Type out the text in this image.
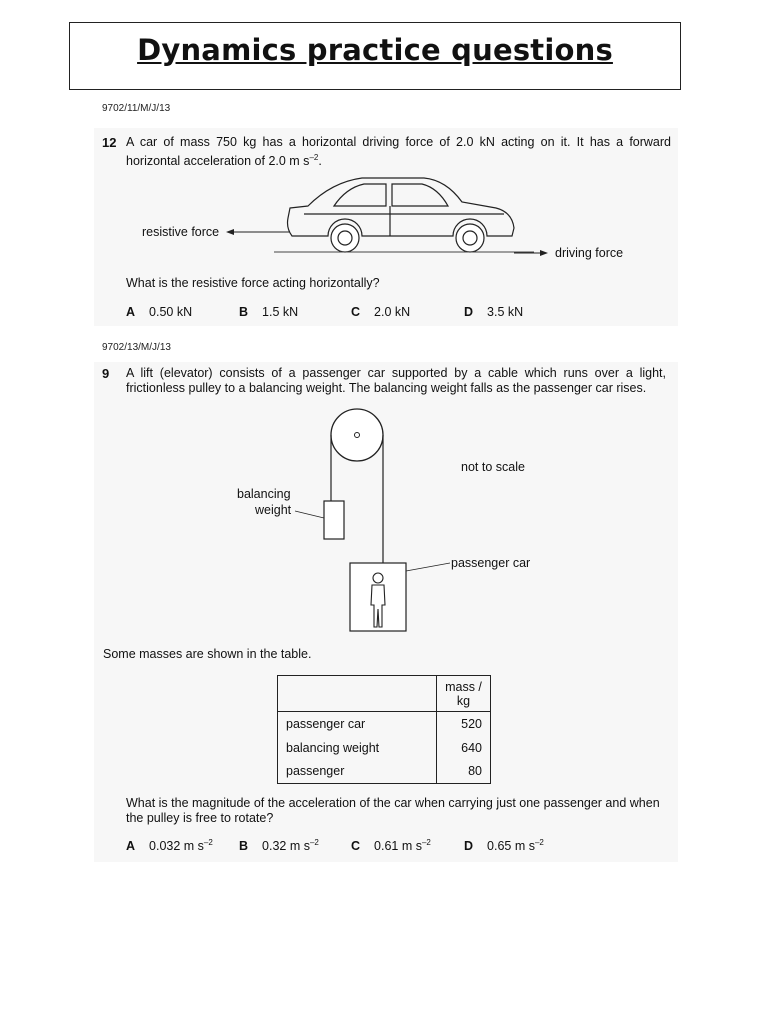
Dynamics practice questions
9702/11/M/J/13
12 A car of mass 750 kg has a horizontal driving force of 2.0 kN acting on it. It has a forward
horizontal acceleration of 2.0 m $s^{-2}$.
resistive force
driving force
What is the resistive force acting horizontally?
A 0.50 kN	B 1.5 kN	C 2.0 kN	D 3.5 kN
9702/13/M/J/13
9 A lift (elevator) consists of a passenger car supported by a cable which runs over a light,
frictionless pulley to a balancing weight. The balancing weight falls as the passenger car rises.
not to scale
balancing
weight
passenger car
Some masses are shown in the table.

	mass /
kg

passenger car	520
balancing weight	640
passenger	80
What is the magnitude of the acceleration of the car when carrying just one passenger and when
the pulley is free to rotate?
A 0.032 m $s^{-2}$ B 0.32 m $s^{-2}$	C 0.61 m $s^{-2}$	D 0.65 m $s^{-2}$
